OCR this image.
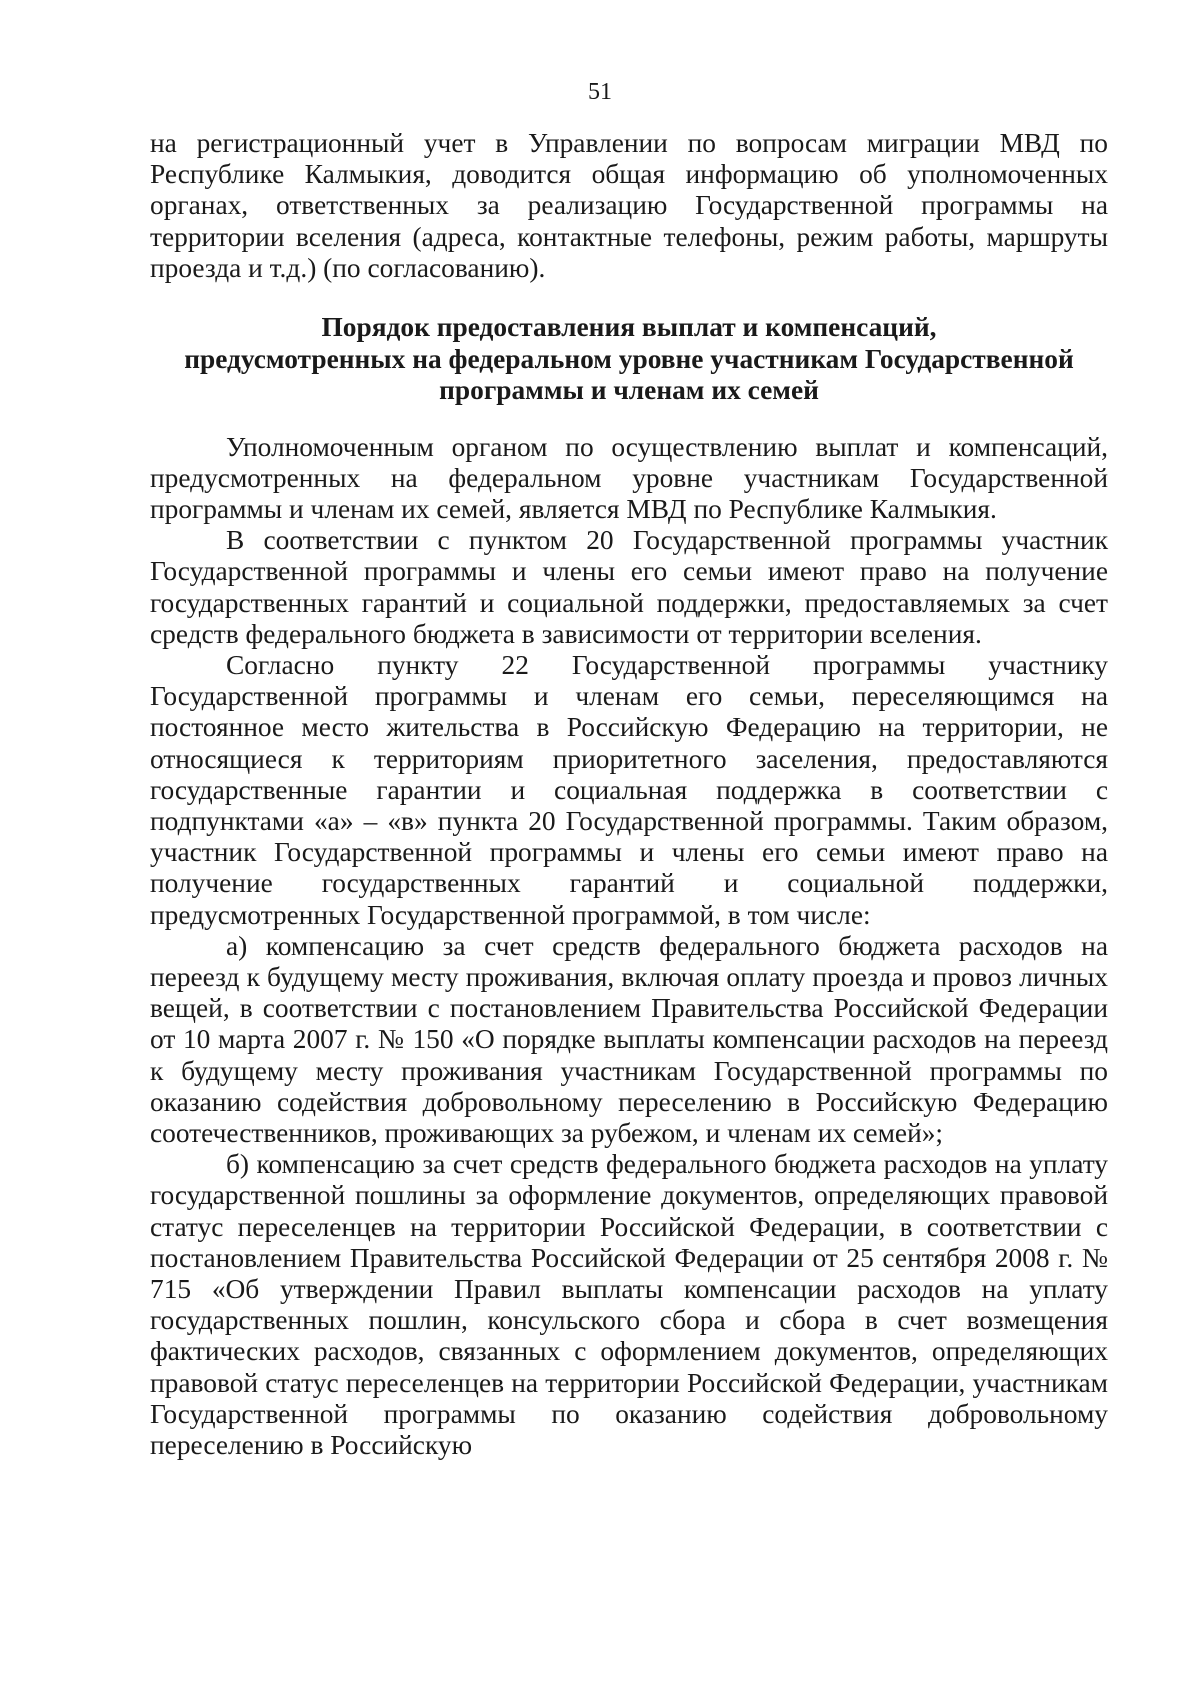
51

на регистрационный учет в Управлении по вопросам миграции МВД по Республике Калмыкия, доводится общая информацию об уполномоченных органах, ответственных за реализацию Государственной программы на территории вселения (адреса, контактные телефоны, режим работы, маршруты проезда и т.д.) (по согласованию).

Порядок предоставления выплат и компенсаций,
предусмотренных на федеральном уровне участникам Государственной
программы и членам их семей

Уполномоченным органом по осуществлению выплат и компенсаций, предусмотренных на федеральном уровне участникам Государственной программы и членам их семей, является МВД по Республике Калмыкия.

В соответствии с пунктом 20 Государственной программы участник Государственной программы и члены его семьи имеют право на получение государственных гарантий и социальной поддержки, предоставляемых за счет средств федерального бюджета в зависимости от территории вселения.

Согласно пункту 22 Государственной программы участнику Государственной программы и членам его семьи, переселяющимся на постоянное место жительства в Российскую Федерацию на территории, не относящиеся к территориям приоритетного заселения, предоставляются государственные гарантии и социальная поддержка в соответствии с подпунктами «а» – «в» пункта 20 Государственной программы. Таким образом, участник Государственной программы и члены его семьи имеют право на получение государственных гарантий и социальной поддержки, предусмотренных Государственной программой, в том числе:

а) компенсацию за счет средств федерального бюджета расходов на переезд к будущему месту проживания, включая оплату проезда и провоз личных вещей, в соответствии с постановлением Правительства Российской Федерации от 10 марта 2007 г. № 150 «О порядке выплаты компенсации расходов на переезд к будущему месту проживания участникам Государственной программы по оказанию содействия добровольному переселению в Российскую Федерацию соотечественников, проживающих за рубежом, и членам их семей»;

б) компенсацию за счет средств федерального бюджета расходов на уплату государственной пошлины за оформление документов, определяющих правовой статус переселенцев на территории Российской Федерации, в соответствии с постановлением Правительства Российской Федерации от 25 сентября 2008 г. № 715 «Об утверждении Правил выплаты компенсации расходов на уплату государственных пошлин, консульского сбора и сбора в счет возмещения фактических расходов, связанных с оформлением документов, определяющих правовой статус переселенцев на территории Российской Федерации, участникам Государственной программы по оказанию содействия добровольному переселению в Российскую
